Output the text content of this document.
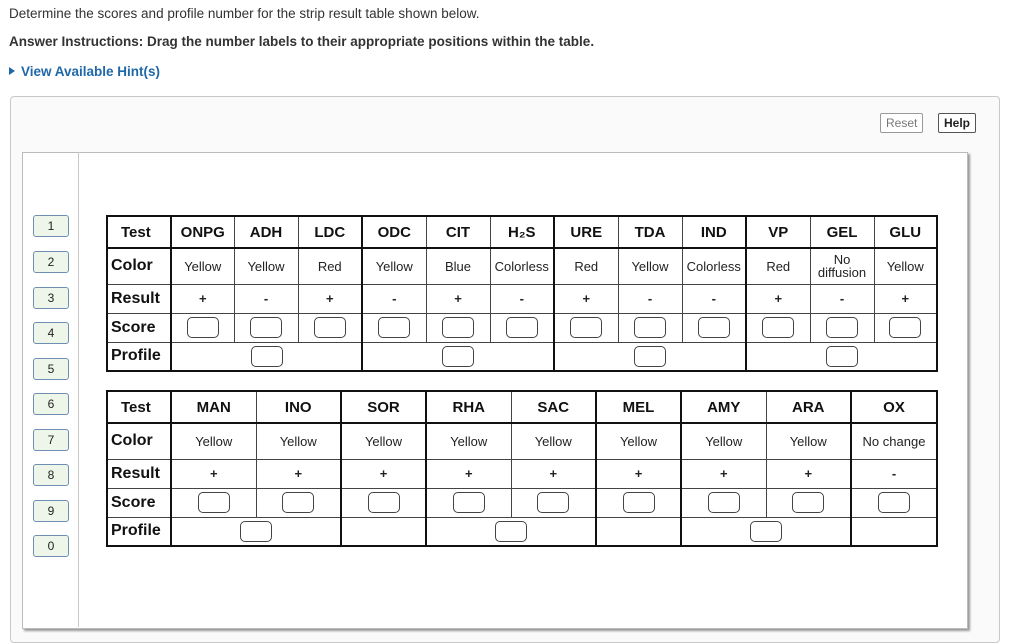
Determine the scores and profile number for the strip result table shown below.
Answer Instructions: Drag the number labels to their appropriate positions within the table.
View Available Hint(s)
Reset	Help
1
2
3
4
5
6
7
8
9
0
Test	ONPG	ADH	LDC	ODC	CIT	H₂S	URE	TDA	IND	VP	GEL	GLU
Color	Yellow	Yellow	Red	Yellow	Blue	Colorless	Red	Yellow	Colorless	Red	No diffusion	Yellow
Result	+	-	+	-	+	-	+	-	-	+	-	+
Score												
Profile												
Test	MAN	INO	SOR	RHA	SAC	MEL	AMY	ARA	OX
Color	Yellow	Yellow	Yellow	Yellow	Yellow	Yellow	Yellow	Yellow	No change
Result	+	+	+	+	+	+	+	+	-
Score									
Profile									
